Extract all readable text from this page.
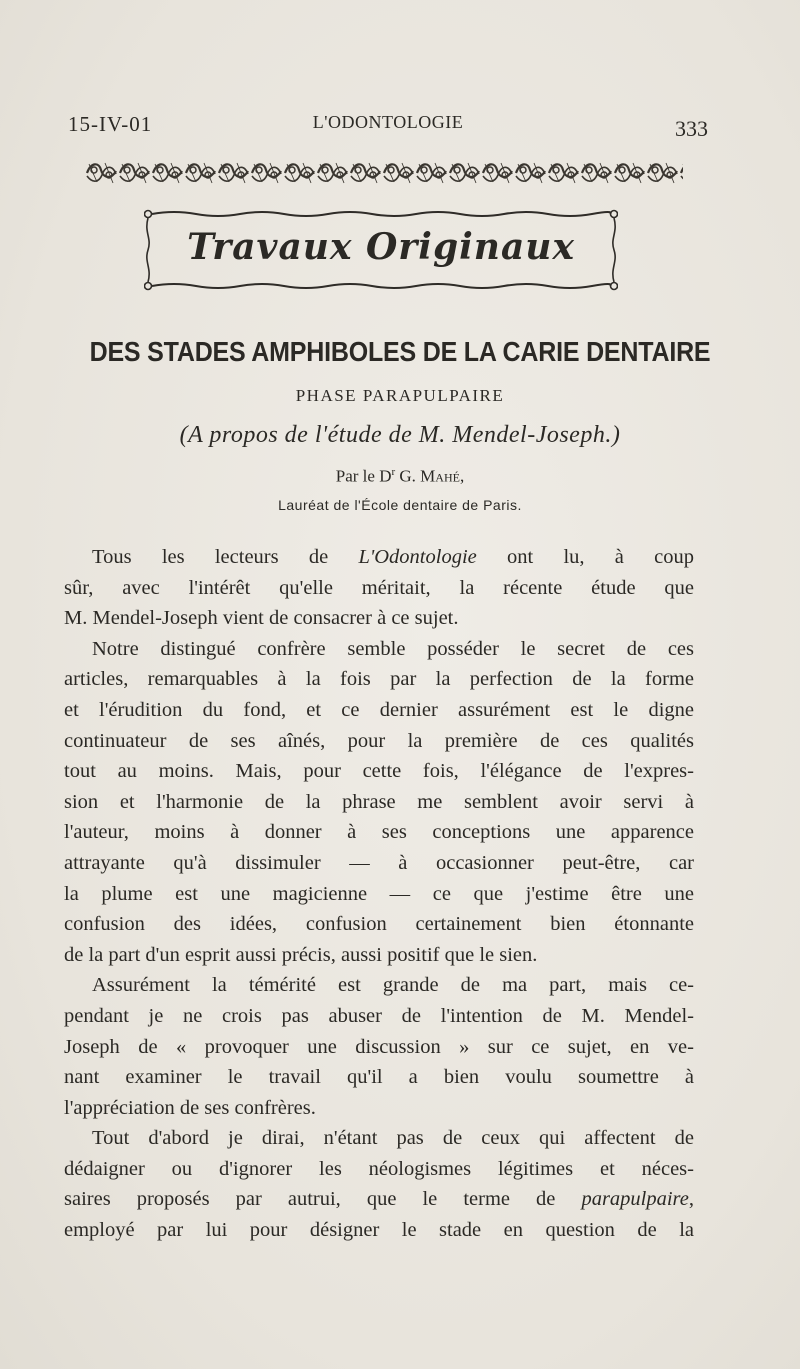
15-IV-01	L'ODONTOLOGIE	333
Travaux Originaux
DES STADES AMPHIBOLES DE LA CARIE DENTAIRE
PHASE PARAPULPAIRE
(A propos de l'étude de M. Mendel-Joseph.)
Par le $D^r$ G. Mahé,
Lauréat de l'École dentaire de Paris.

Tous les lecteurs de L'Odontologie ont lu, à coup
sûr, avec l'intérêt qu'elle méritait, la récente étude que
M. Mendel-Joseph vient de consacrer à ce sujet.

Notre distingué confrère semble posséder le secret de ces
articles, remarquables à la fois par la perfection de la forme
et l'érudition du fond, et ce dernier assurément est le digne
continuateur de ses aînés, pour la première de ces qualités
tout au moins. Mais, pour cette fois, l'élégance de l'expres-
sion et l'harmonie de la phrase me semblent avoir servi à
l'auteur, moins à donner à ses conceptions une apparence
attrayante qu'à dissimuler — à occasionner peut-être, car
la plume est une magicienne — ce que j'estime être une
confusion des idées, confusion certainement bien étonnante
de la part d'un esprit aussi précis, aussi positif que le sien.

Assurément la témérité est grande de ma part, mais ce-
pendant je ne crois pas abuser de l'intention de M. Mendel-
Joseph de « provoquer une discussion » sur ce sujet, en ve-
nant examiner le travail qu'il a bien voulu soumettre à
l'appréciation de ses confrères.

Tout d'abord je dirai, n'étant pas de ceux qui affectent de
dédaigner ou d'ignorer les néologismes légitimes et néces-
saires proposés par autrui, que le terme de parapulpaire,
employé par lui pour désigner le stade en question de la
